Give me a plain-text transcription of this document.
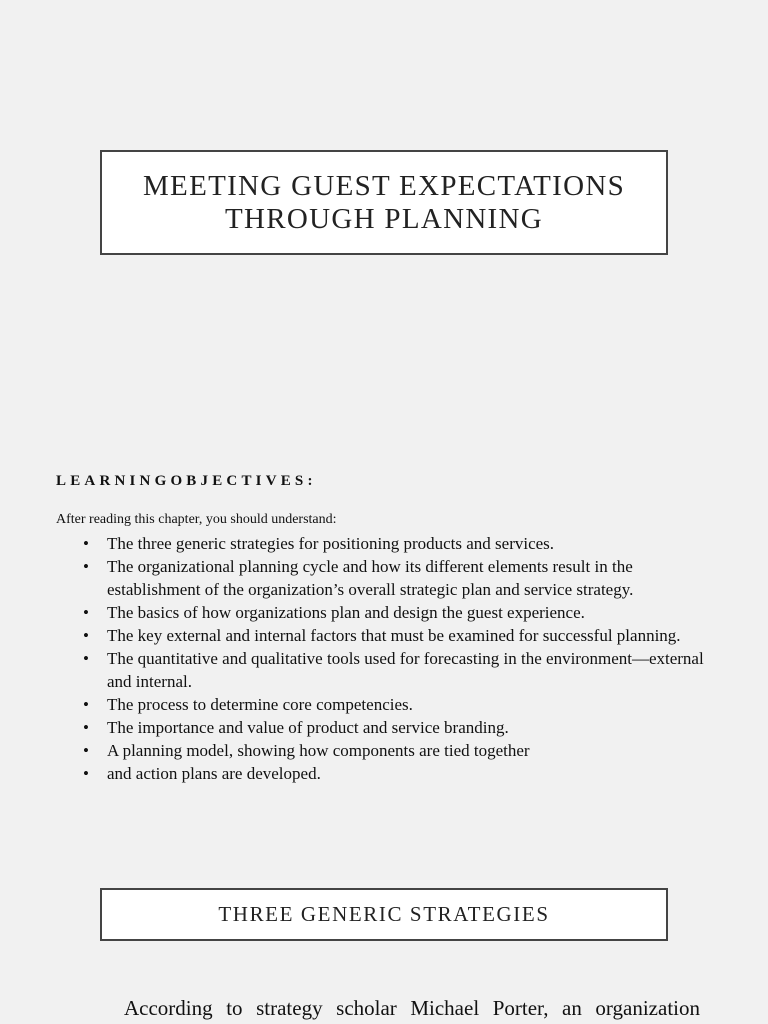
MEETING GUEST EXPECTATIONS
THROUGH PLANNING
LEARNINGOBJECTIVES:
After reading this chapter, you should understand:
• The three generic strategies for positioning products and services.
• The organizational planning cycle and how its different elements result in the establishment of the organization’s overall strategic plan and service strategy.
• The basics of how organizations plan and design the guest experience.
• The key external and internal factors that must be examined for successful planning.
• The quantitative and qualitative tools used for forecasting in the environment—external and internal.
• The process to determine core competencies.
• The importance and value of product and service branding.
• A planning model, showing how components are tied together
• and action plans are developed.
THREE GENERIC STRATEGIES
According to strategy scholar Michael Porter, an organization
